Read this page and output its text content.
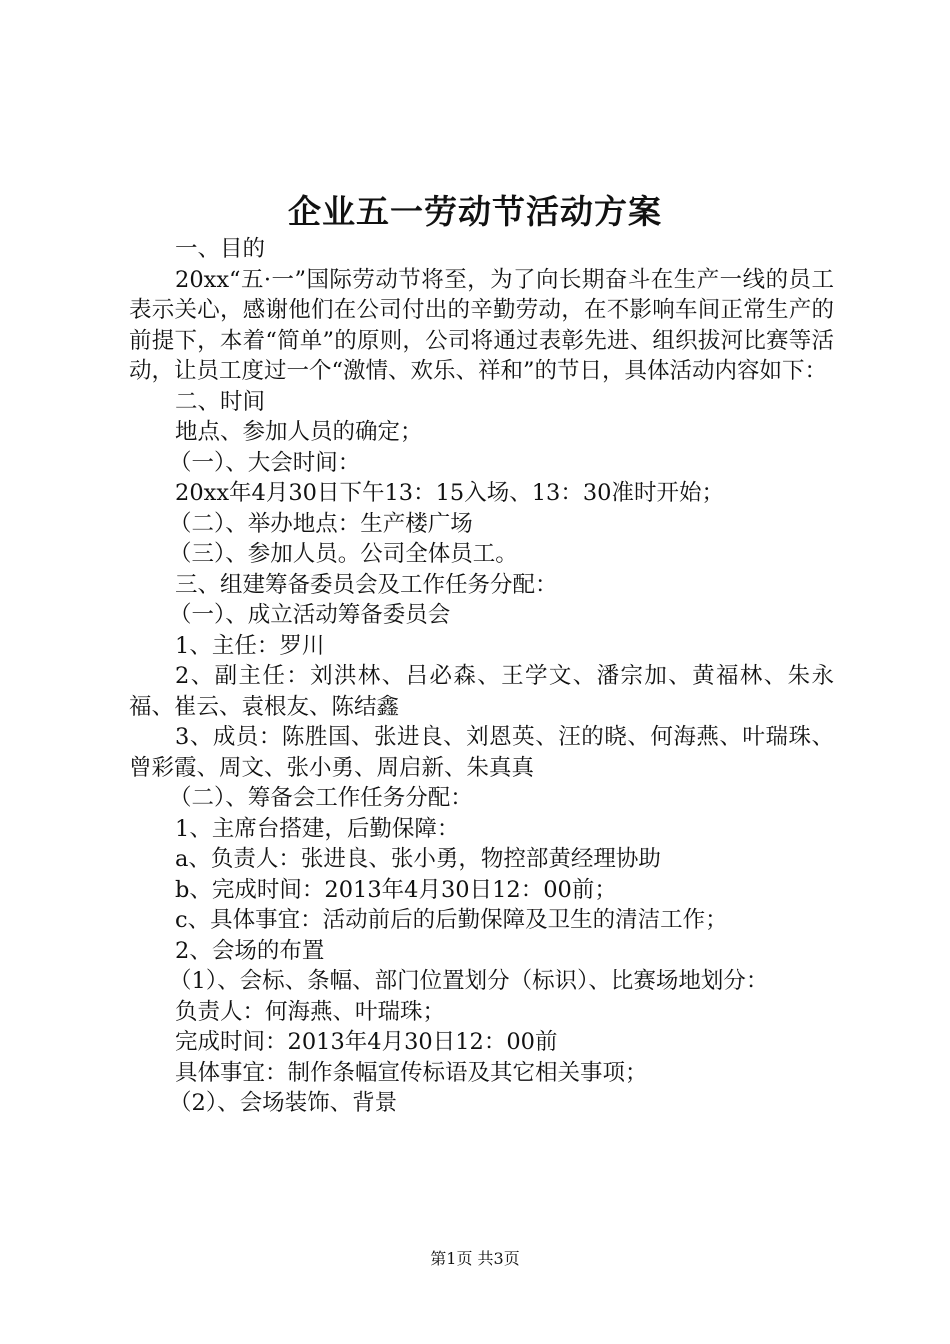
企业五一劳动节活动方案

一、目的

20xx“五·一”国际劳动节将至，为了向长期奋斗在生产一线的员工表示关心，感谢他们在公司付出的辛勤劳动，在不影响车间正常生产的前提下，本着“简单”的原则，公司将通过表彰先进、组织拔河比赛等活动，让员工度过一个“激情、欢乐、祥和”的节日，具体活动内容如下：

二、时间

地点、参加人员的确定；

（一）、大会时间：

20xx年4月30日下午13：15入场、13：30准时开始；

（二）、举办地点：生产楼广场

（三）、参加人员。公司全体员工。

三、组建筹备委员会及工作任务分配：

（一）、成立活动筹备委员会

1、主任：罗川

2、副主任：刘洪林、吕必森、王学文、潘宗加、黄福林、朱永福、崔云、袁根友、陈结鑫

3、成员：陈胜国、张进良、刘恩英、汪的晓、何海燕、叶瑞珠、曾彩霞、周文、张小勇、周启新、朱真真

（二）、筹备会工作任务分配：

1、主席台搭建，后勤保障：

a、负责人：张进良、张小勇，物控部黄经理协助

b、完成时间：2013年4月30日12：00前；

c、具体事宜：活动前后的后勤保障及卫生的清洁工作；

2、会场的布置

（1）、会标、条幅、部门位置划分（标识）、比赛场地划分：

负责人：何海燕、叶瑞珠；

完成时间：2013年4月30日12：00前

具体事宜：制作条幅宣传标语及其它相关事项；

（2）、会场装饰、背景

第1页 共3页
